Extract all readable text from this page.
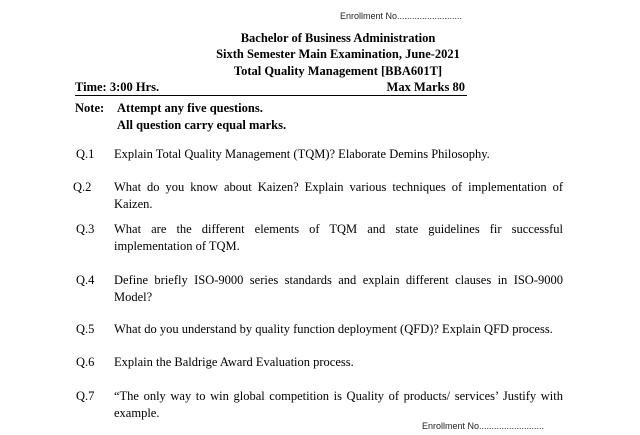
Enrollment No..........................
Bachelor of Business Administration
Sixth Semester Main Examination, June-2021
Total Quality Management [BBA601T]
Time: 3:00 Hrs.	Max Marks 80
Note: Attempt any five questions.
All question carry equal marks.
Q.1 Explain Total Quality Management (TQM)? Elaborate Demins Philosophy.
Q.2 What do you know about Kaizen? Explain various techniques of implementation of Kaizen.
Q.3 What are the different elements of TQM and state guidelines fir successful implementation of TQM.
Q.4 Define briefly ISO-9000 series standards and explain different clauses in ISO-9000 Model?
Q.5 What do you understand by quality function deployment (QFD)? Explain QFD process.
Q.6 Explain the Baldrige Award Evaluation process.
Q.7 “The only way to win global competition is Quality of products/ services’ Justify with example.
Enrollment No..........................
